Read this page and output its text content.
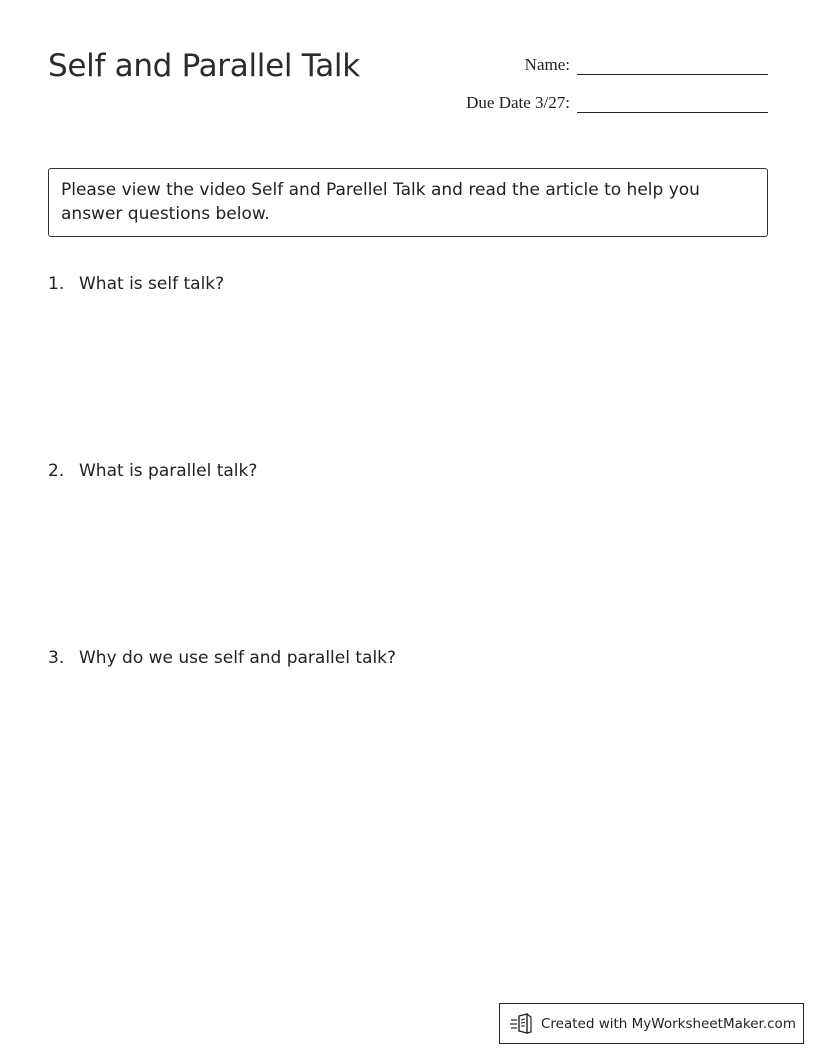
Self and Parallel Talk	Name:
Due Date 3/27:
Please view the video Self and Parellel Talk and read the article to help you answer questions below.
1. What is self talk?
2. What is parallel talk?
3. Why do we use self and parallel talk?
Created with MyWorksheetMaker.com
